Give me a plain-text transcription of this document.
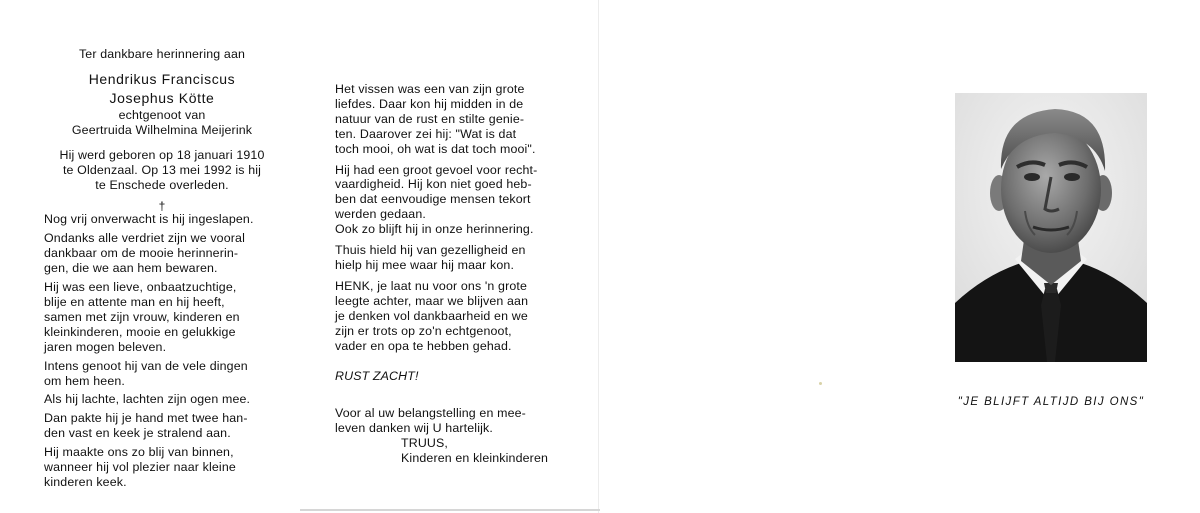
Ter dankbare herinnering aan
Hendrikus Franciscus
Josephus Kötte
echtgenoot van
Geertruida Wilhelmina Meijerink
Hij werd geboren op 18 januari 1910
te Oldenzaal. Op 13 mei 1992 is hij
te Enschede overleden.
†
Nog vrij onverwacht is hij ingeslapen.
Ondanks alle verdriet zijn we vooral
dankbaar om de mooie herinnerin-
gen, die we aan hem bewaren.
Hij was een lieve, onbaatzuchtige,
blije en attente man en hij heeft,
samen met zijn vrouw, kinderen en
kleinkinderen, mooie en gelukkige
jaren mogen beleven.
Intens genoot hij van de vele dingen
om hem heen.
Als hij lachte, lachten zijn ogen mee.
Dan pakte hij je hand met twee han-
den vast en keek je stralend aan.
Hij maakte ons zo blij van binnen,
wanneer hij vol plezier naar kleine
kinderen keek.
Het vissen was een van zijn grote
liefdes. Daar kon hij midden in de
natuur van de rust en stilte genie-
ten. Daarover zei hij: "Wat is dat
toch mooi, oh wat is dat toch mooi".
Hij had een groot gevoel voor recht-
vaardigheid. Hij kon niet goed heb-
ben dat eenvoudige mensen tekort
werden gedaan.
Ook zo blijft hij in onze herinnering.
Thuis hield hij van gezelligheid en
hielp hij mee waar hij maar kon.
HENK, je laat nu voor ons 'n grote
leegte achter, maar we blijven aan
je denken vol dankbaarheid en we
zijn er trots op zo'n echtgenoot,
vader en opa te hebben gehad.
RUST ZACHT!
Voor al uw belangstelling en mee-
leven danken wij U hartelijk.
TRUUS,
Kinderen en kleinkinderen
"JE BLIJFT ALTIJD BIJ ONS"
